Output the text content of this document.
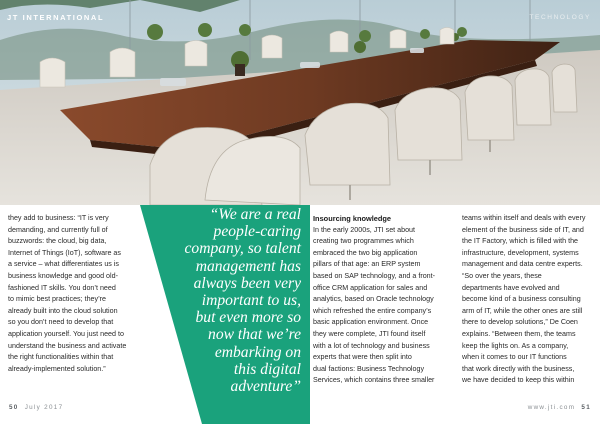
JT INTERNATIONAL	TECHNOLOGY
they add to business: “IT is very
demanding, and currently full of
buzzwords: the cloud, big data,
Internet of Things (IoT), software as
a service – what differentiates us is
business knowledge and good old-
fashioned IT skills. You don’t need
to mimic best practices; they’re
already built into the cloud solution
so you don’t need to develop that
application yourself. You just need to
understand the business and activate
the right functionalities within that
already-implemented solution.”
“We are a real
people-caring
company, so talent
management has
always been very
important to us,
but even more so
now that we’re
embarking on
this digital
adventure”
Insourcing knowledge
In the early 2000s, JTI set about
creating two programmes which
embraced the two big application
pillars of that age: an ERP system
based on SAP technology, and a front-
office CRM application for sales and
analytics, based on Oracle technology
which refreshed the entire company’s
basic application environment. Once
they were complete, JTI found itself
with a lot of technology and business
experts that were then split into
dual factions: Business Technology
Services, which contains three smaller
teams within itself and deals with every
element of the business side of IT, and
the IT Factory, which is filled with the
infrastructure, development, systems
management and data centre experts.
“So over the years, these
departments have evolved and
become kind of a business consulting
arm of IT, while the other ones are still
there to develop solutions,” De Coen
explains. “Between them, the teams
keep the lights on. As a company,
when it comes to our IT functions
that work directly with the business,
we have decided to keep this within
50 July 2017	www.jti.com 51
